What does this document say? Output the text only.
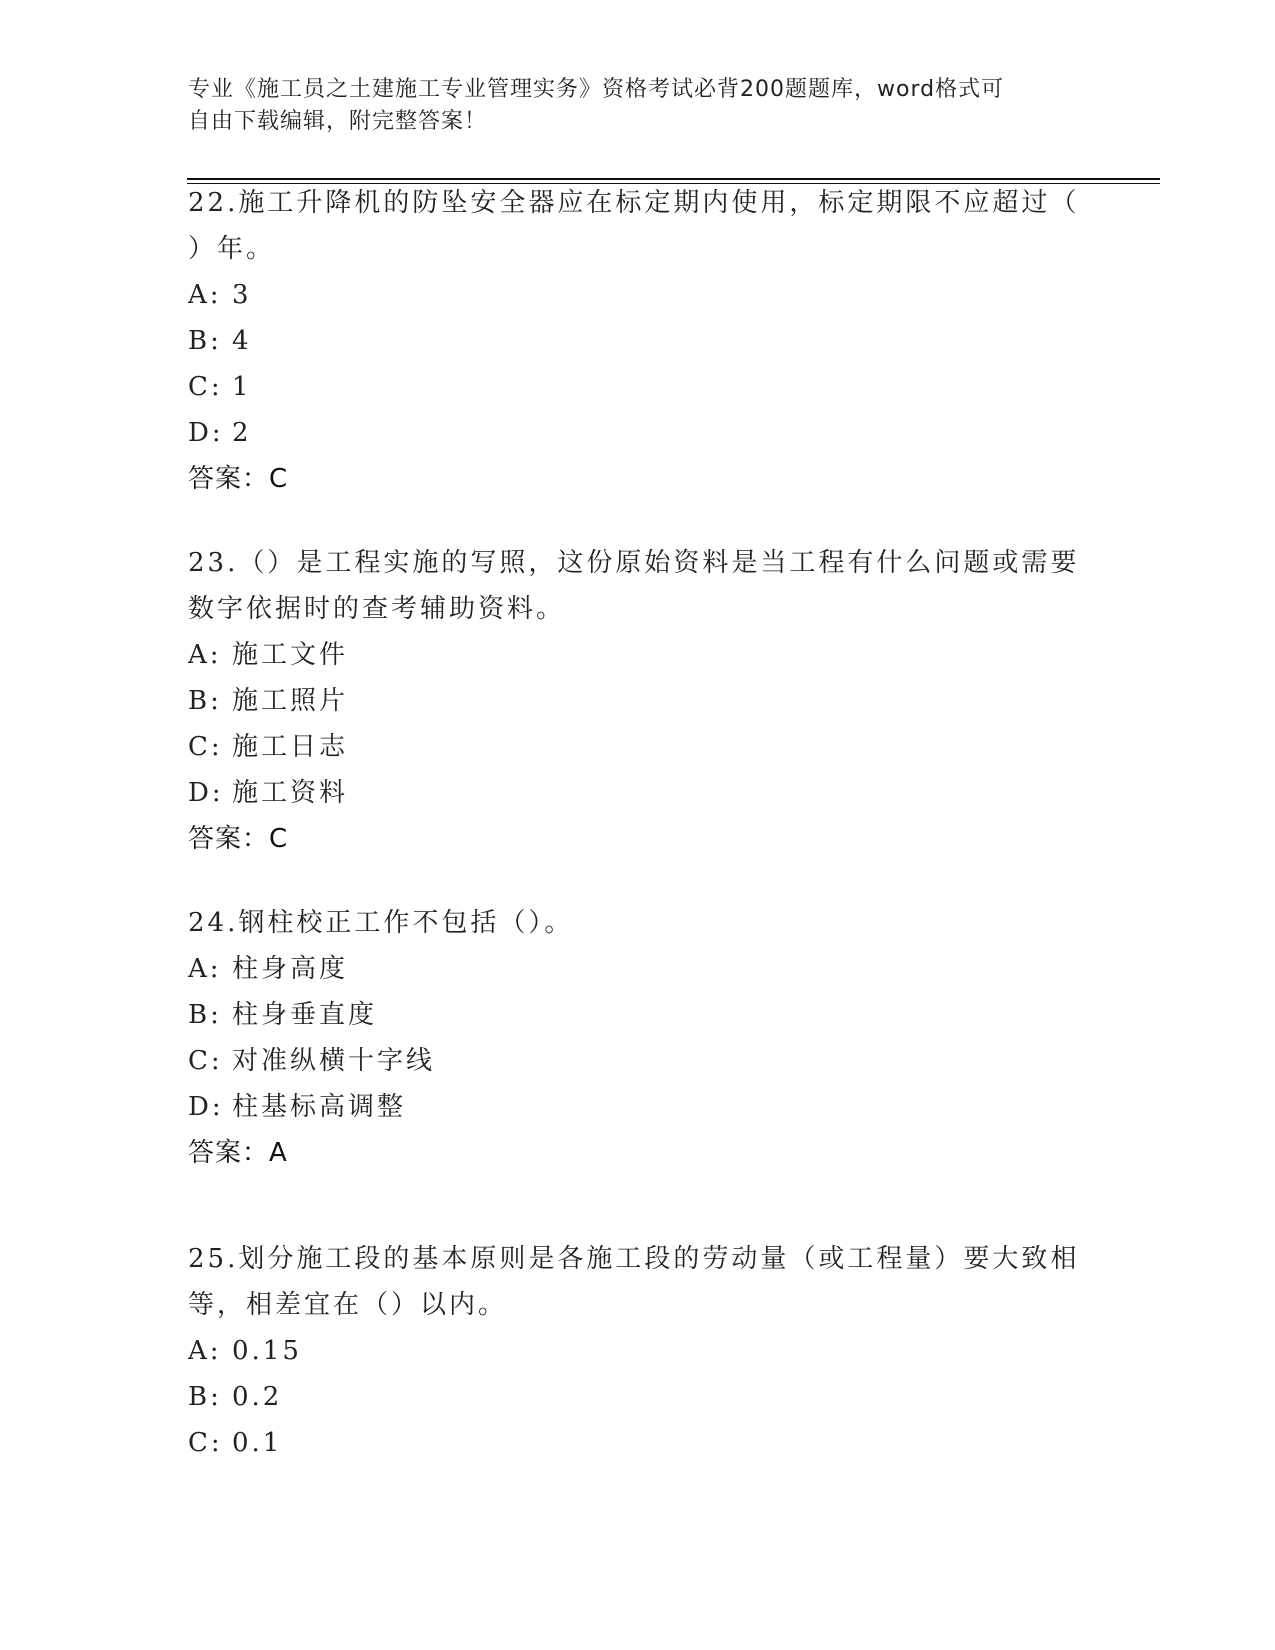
专业《施工员之土建施工专业管理实务》资格考试必背200题题库，word格式可
自由下载编辑，附完整答案！
22.施工升降机的防坠安全器应在标定期内使用，标定期限不应超过（
）年。
A: 3
B: 4
C: 1
D: 2
答案：C
23.（）是工程实施的写照，这份原始资料是当工程有什么问题或需要
数字依据时的查考辅助资料。
A: 施工文件
B: 施工照片
C: 施工日志
D: 施工资料
答案：C
24.钢柱校正工作不包括（）。
A: 柱身高度
B: 柱身垂直度
C: 对准纵横十字线
D: 柱基标高调整
答案：A
25.划分施工段的基本原则是各施工段的劳动量（或工程量）要大致相
等，相差宜在（）以内。
A: 0.15
B: 0.2
C: 0.1
